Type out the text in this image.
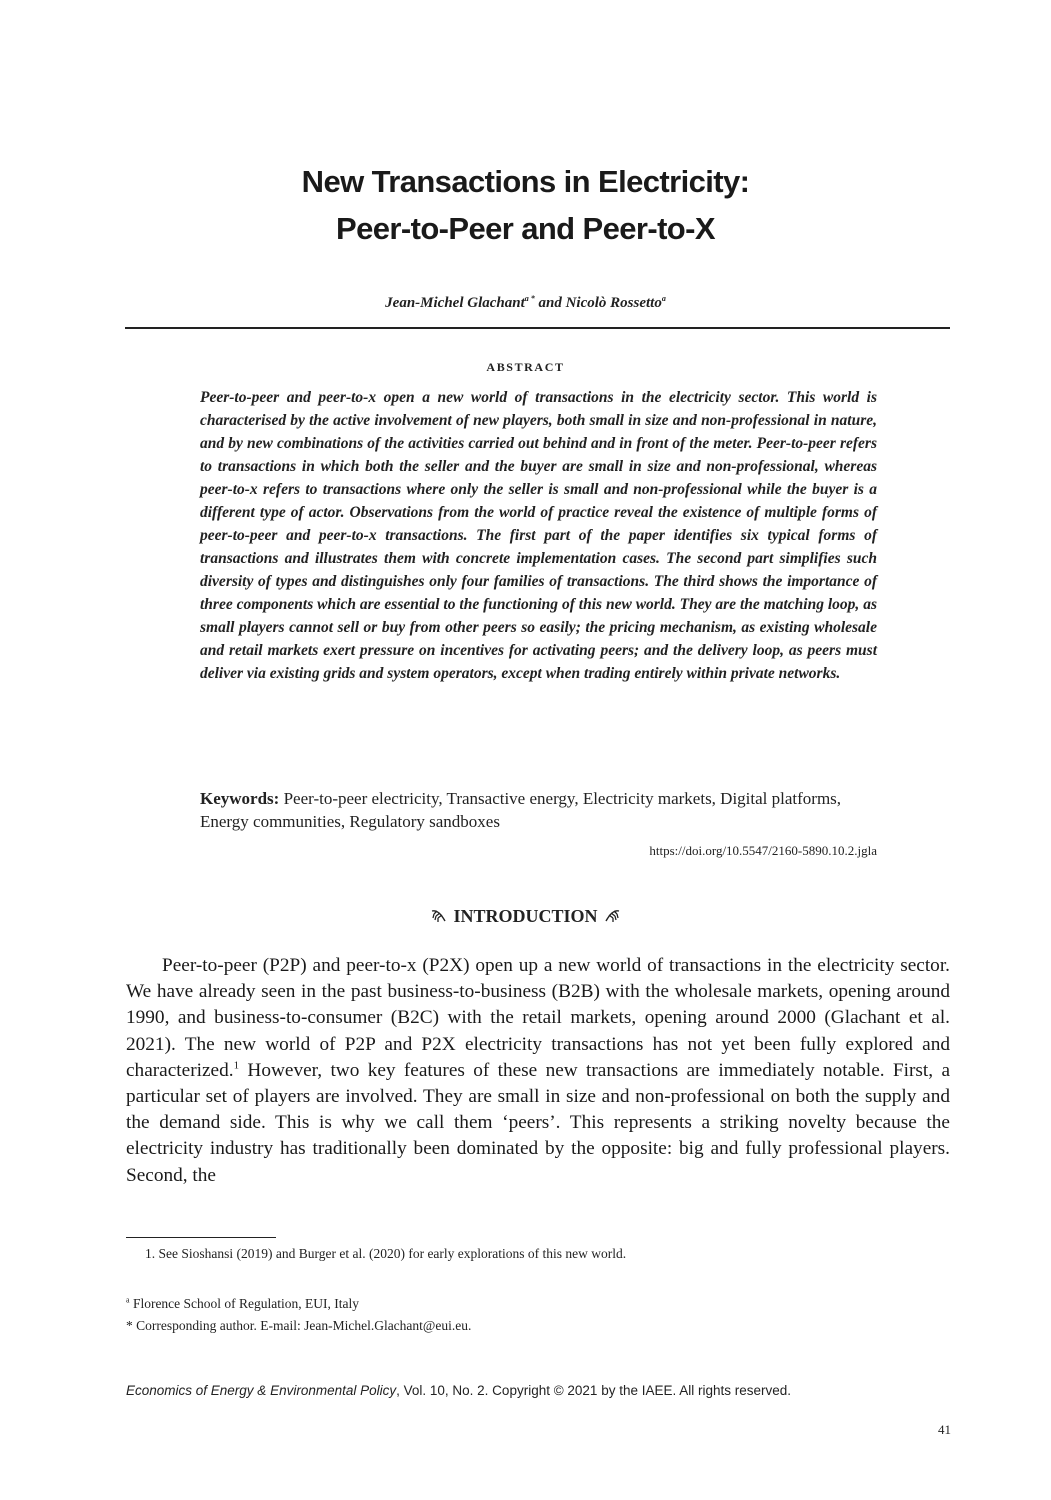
New Transactions in Electricity:
Peer-to-Peer and Peer-to-X
Jean-Michel Glachant$^{a *}$ and Nicolò Rossetto$^a$
ABSTRACT
Peer-to-peer and peer-to-x open a new world of transactions in the electricity sector. This world is characterised by the active involvement of new players, both small in size and non-professional in nature, and by new combinations of the activities carried out behind and in front of the meter. Peer-to-peer refers to transactions in which both the seller and the buyer are small in size and non-professional, whereas peer-to-x refers to transactions where only the seller is small and non-professional while the buyer is a different type of actor. Observations from the world of practice reveal the existence of multiple forms of peer-to-peer and peer-to-x transactions. The first part of the paper identifies six typical forms of transactions and illustrates them with concrete implementation cases. The second part simplifies such diversity of types and distinguishes only four families of transactions. The third shows the importance of three components which are essential to the functioning of this new world. They are the matching loop, as small players cannot sell or buy from other peers so easily; the pricing mechanism, as existing wholesale and retail markets exert pressure on incentives for activating peers; and the delivery loop, as peers must deliver via existing grids and system operators, except when trading entirely within private networks.
Keywords: Peer-to-peer electricity, Transactive energy, Electricity markets, Digital platforms, Energy communities, Regulatory sandboxes
https://doi.org/10.5547/2160-5890.10.2.jgla
INTRODUCTION

Peer-to-peer (P2P) and peer-to-x (P2X) open up a new world of transactions in the electricity sector. We have already seen in the past business-to-business (B2B) with the wholesale markets, opening around 1990, and business-to-consumer (B2C) with the retail markets, opening around 2000 (Glachant et al. 2021). The new world of P2P and P2X electricity transactions has not yet been fully explored and characterized.$^1$ However, two key features of these new transactions are immediately notable. First, a particular set of players are involved. They are small in size and non-professional on both the supply and the demand side. This is why we call them ‘peers’. This represents a striking novelty because the electricity industry has traditionally been dominated by the opposite: big and fully professional players. Second, the

1. See Sioshansi (2019) and Burger et al. (2020) for early explorations of this new world.
$^a$ Florence School of Regulation, EUI, Italy
* Corresponding author. E-mail: Jean-Michel.Glachant@eui.eu.
Economics of Energy & Environmental Policy, Vol. 10, No. 2. Copyright © 2021 by the IAEE. All rights reserved.
41
